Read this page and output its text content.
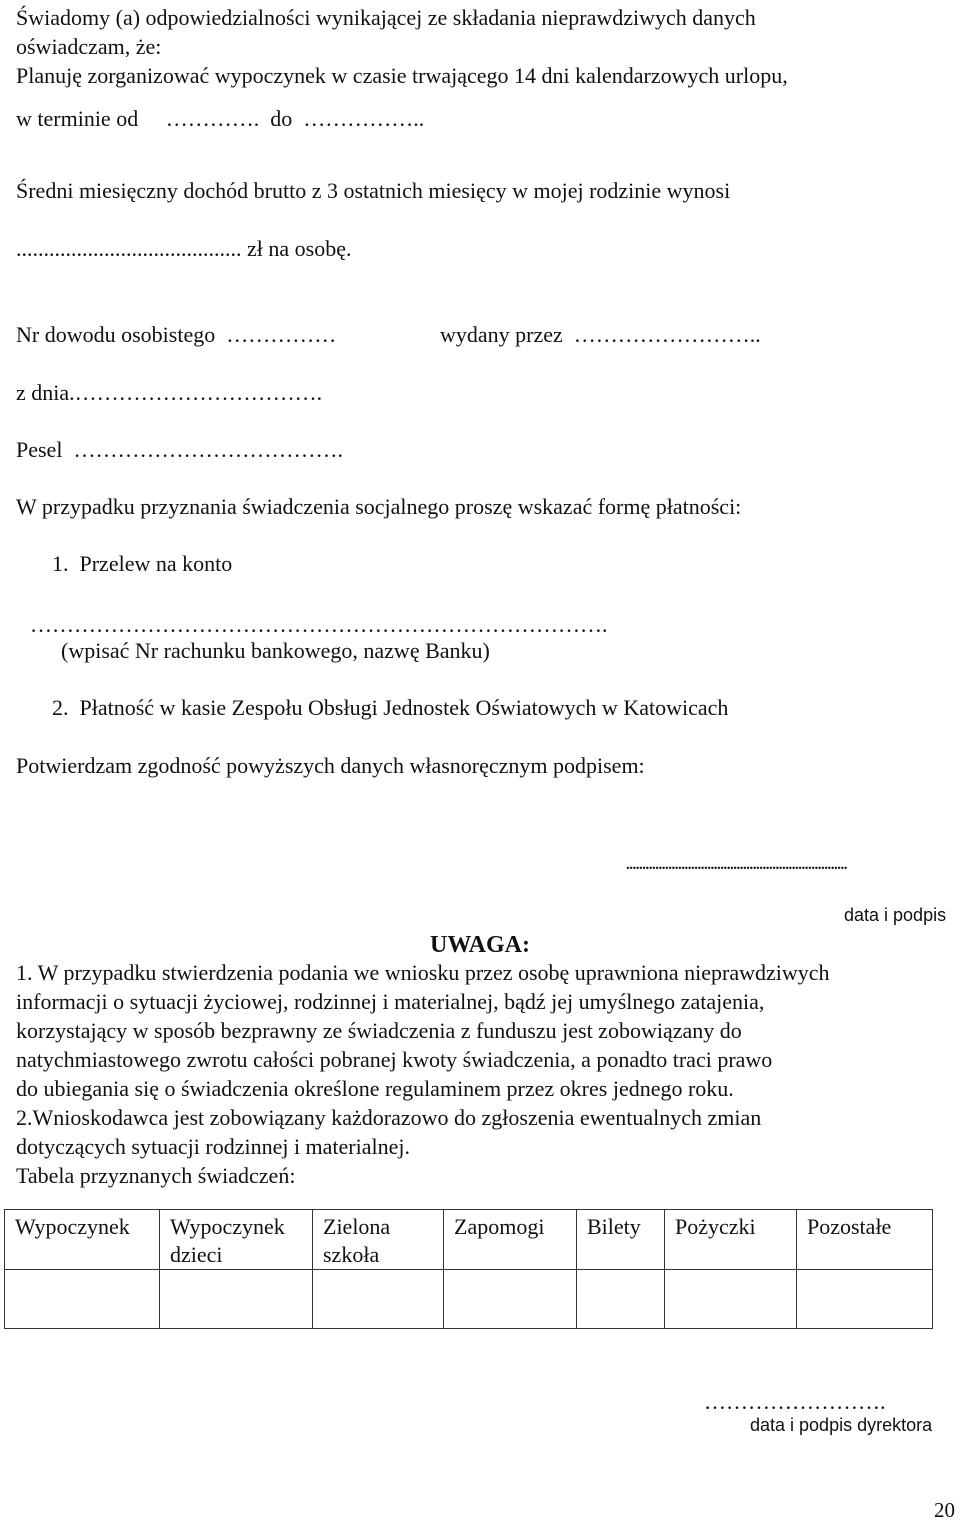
Świadomy (a) odpowiedzialności wynikającej ze składania nieprawdziwych danych
oświadczam, że:
Planuję zorganizować wypoczynek w czasie trwającego 14 dni kalendarzowych urlopu,
w terminie od     ………….  do  ……………..
Średni miesięczny dochód brutto z 3 ostatnich miesięcy w mojej rodzinie wynosi
......................................... zł na osobę.
Nr dowodu osobistego  ……………	wydany przez  ……………………..
z dnia.…………………………….
Pesel  ……………………………….
W przypadku przyznania świadczenia socjalnego proszę wskazać formę płatności:
1.  Przelew na konto
…………………………………………………………………….
(wpisać Nr rachunku bankowego, nazwę Banku)
2.  Płatność w kasie Zespołu Obsługi Jednostek Oświatowych w Katowicach
Potwierdzam zgodność powyższych danych własnoręcznym podpisem:
....................................................................
data i podpis
UWAGA:
1. W przypadku stwierdzenia podania we wniosku przez osobę uprawniona nieprawdziwych
informacji o sytuacji życiowej, rodzinnej i materialnej, bądź jej umyślnego zatajenia,
korzystający w sposób bezprawny ze świadczenia z funduszu jest zobowiązany do
natychmiastowego zwrotu całości pobranej kwoty świadczenia, a ponadto traci prawo
do ubiegania się o świadczenia określone regulaminem przez okres jednego roku.
2.Wnioskodawca jest zobowiązany każdorazowo do zgłoszenia ewentualnych zmian
dotyczących sytuacji rodzinnej i materialnej.
Tabela przyznanych świadczeń:
Wypoczynek	Wypoczynek dzieci	Zielona szkoła	Zapomogi	Bilety	Pożyczki	Pozostałe

…………………….
data i podpis dyrektora
20
